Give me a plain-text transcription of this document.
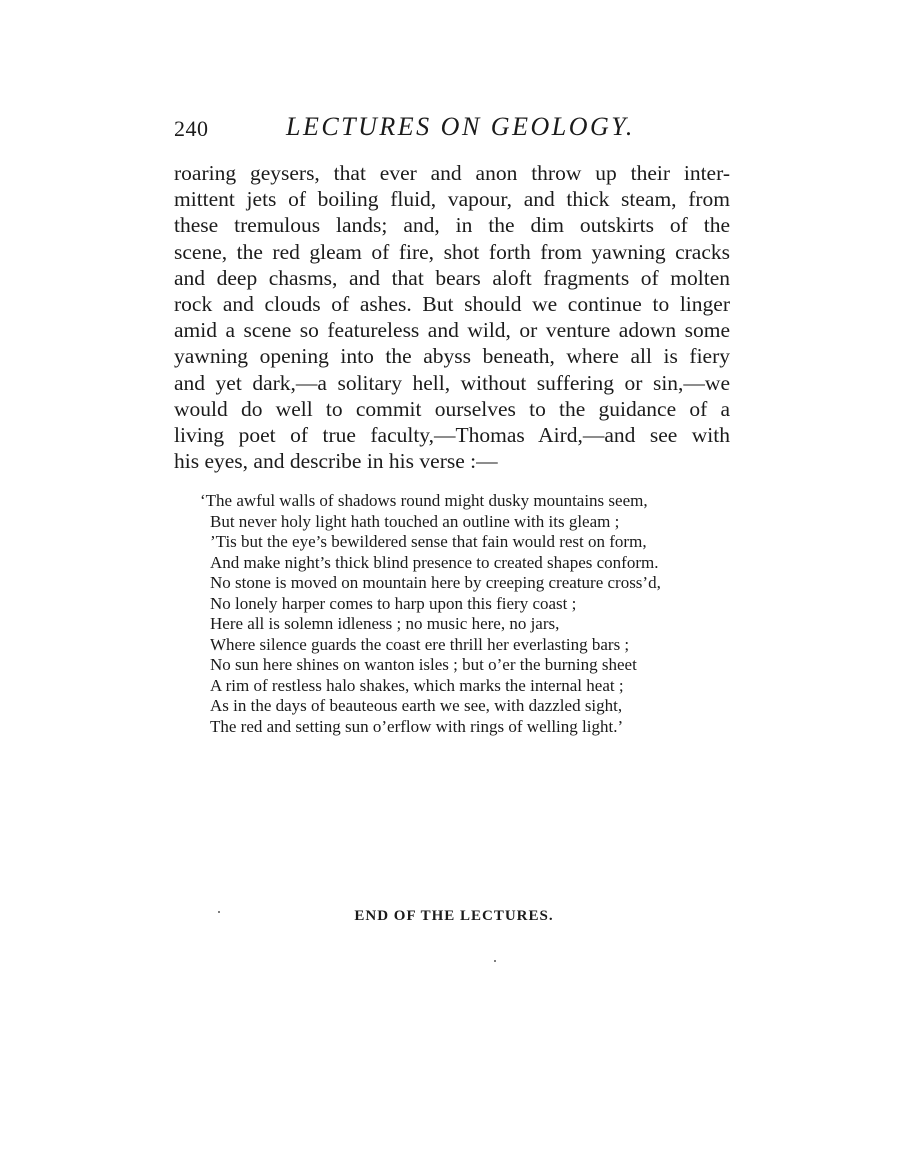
240	LECTURES ON GEOLOGY.
roaring geysers, that ever and anon throw up their inter-
mittent jets of boiling fluid, vapour, and thick steam, from
these tremulous lands; and, in the dim outskirts of the
scene, the red gleam of fire, shot forth from yawning cracks
and deep chasms, and that bears aloft fragments of molten
rock and clouds of ashes. But should we continue to linger
amid a scene so featureless and wild, or venture adown some
yawning opening into the abyss beneath, where all is fiery
and yet dark,—a solitary hell, without suffering or sin,—we
would do well to commit ourselves to the guidance of a
living poet of true faculty,—Thomas Aird,—and see with
his eyes, and describe in his verse :—
‘The awful walls of shadows round might dusky mountains seem,
But never holy light hath touched an outline with its gleam ;
’Tis but the eye’s bewildered sense that fain would rest on form,
And make night’s thick blind presence to created shapes conform.
No stone is moved on mountain here by creeping creature cross’d,
No lonely harper comes to harp upon this fiery coast ;
Here all is solemn idleness ; no music here, no jars,
Where silence guards the coast ere thrill her everlasting bars ;
No sun here shines on wanton isles ; but o’er the burning sheet
A rim of restless halo shakes, which marks the internal heat ;
As in the days of beauteous earth we see, with dazzled sight,
The red and setting sun o’erflow with rings of welling light.’
END OF THE LECTURES.
